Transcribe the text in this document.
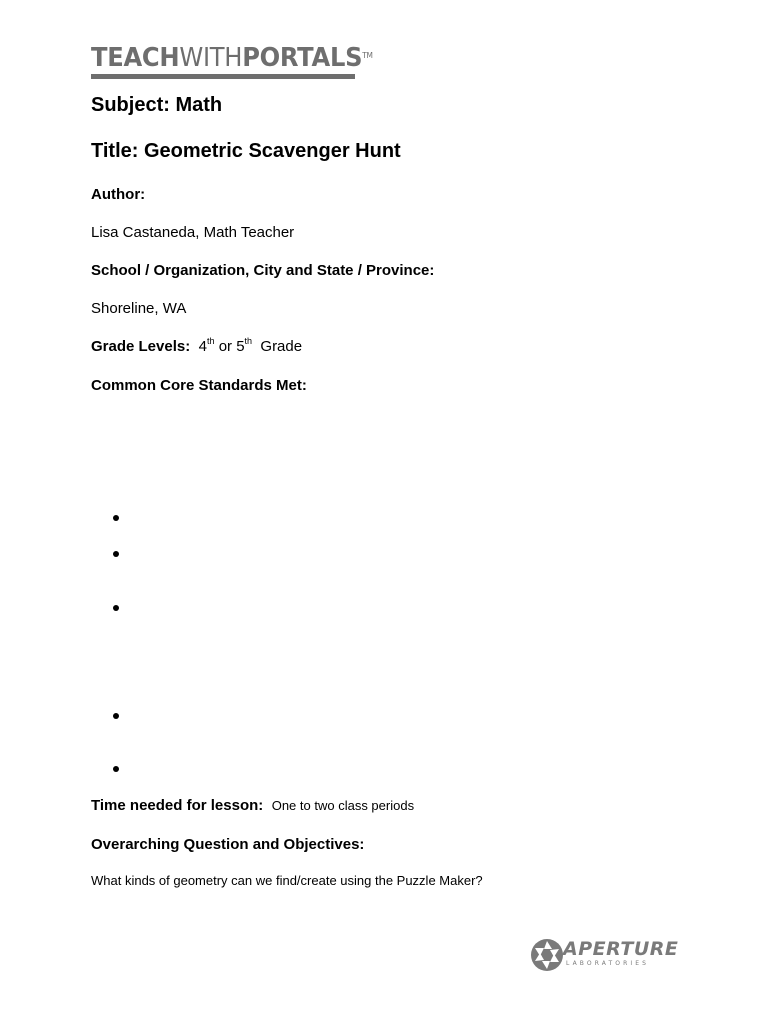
TEACHWITHPORTALS™
Subject: Math
Title: Geometric Scavenger Hunt
Author:
Lisa Castaneda, Math Teacher
School / Organization, City and State / Province:
Shoreline, WA
Grade Levels: 4th or 5th  Grade
Common Core Standards Met:
Time needed for lesson: One to two class periods
Overarching Question and Objectives:
What kinds of geometry can we find/create using the Puzzle Maker?
APERTURE
LABORATORIES
